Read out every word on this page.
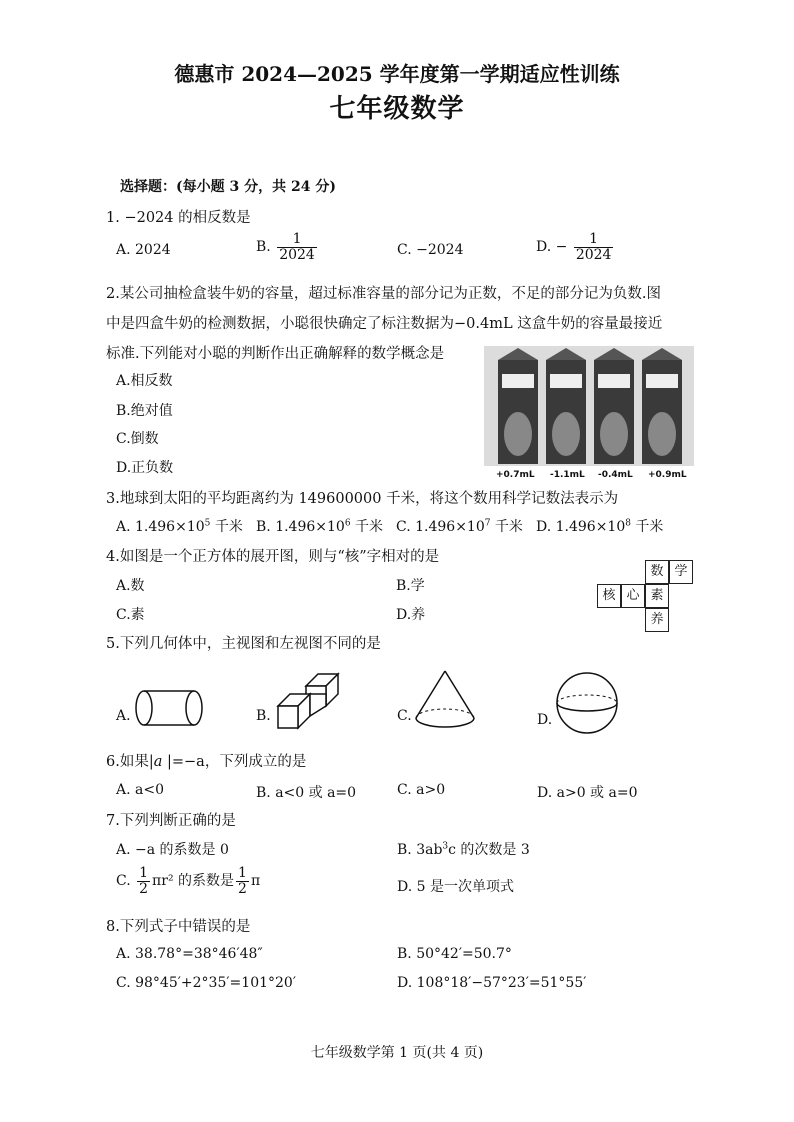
德惠市 2024—2025 学年度第一学期适应性训练
七年级数学
选择题：(每小题 3 分，共 24 分)
1. −2024 的相反数是
A. 2024	B. $\frac{1}{2024}$	C. −2024	D. − $\frac{1}{2024}$
2.某公司抽检盒装牛奶的容量，超过标准容量的部分记为正数，不足的部分记为负数.图
中是四盒牛奶的检测数据，小聪很快确定了标注数据为−0.4mL 这盒牛奶的容量最接近
标准.下列能对小聪的判断作出正确解释的数学概念是
A.相反数
B.绝对值
C.倒数
D.正负数	+0.7mL -1.1mL -0.4mL +0.9mL
3.地球到太阳的平均距离约为 149600000 千米，将这个数用科学记数法表示为
A. $1.496\times 10^5$ 千米 B. $1.496\times 10^6$ 千米 C. $1.496\times 10^7$ 千米 D. $1.496\times 10^8$ 千米
4.如图是一个正方体的展开图，则与“核”字相对的是
A.数	B.学
C.素	D.养
数 学
核 心 素
养
5.下列几何体中，主视图和左视图不同的是
A.	B.	C.	D.
6.如果|a |=−a，下列成立的是
A. a<0	B. a<0 或 a=0	C. a>0	D. a>0 或 a=0
7.下列判断正确的是
A. −a 的系数是 0	B. $3ab^3c$ 的次数是 3
C. $\frac{1}{2} \pi r^2$ 的系数是 $\frac{1}{2}$ π	D. 5 是一次单项式
8.下列式子中错误的是
A. 38.78°=38°46′48″	B. 50°42′=50.7°
C. 98°45′+2°35′=101°20′	D. 108°18′−57°23′=51°55′
七年级数学第 1 页(共 4 页)
